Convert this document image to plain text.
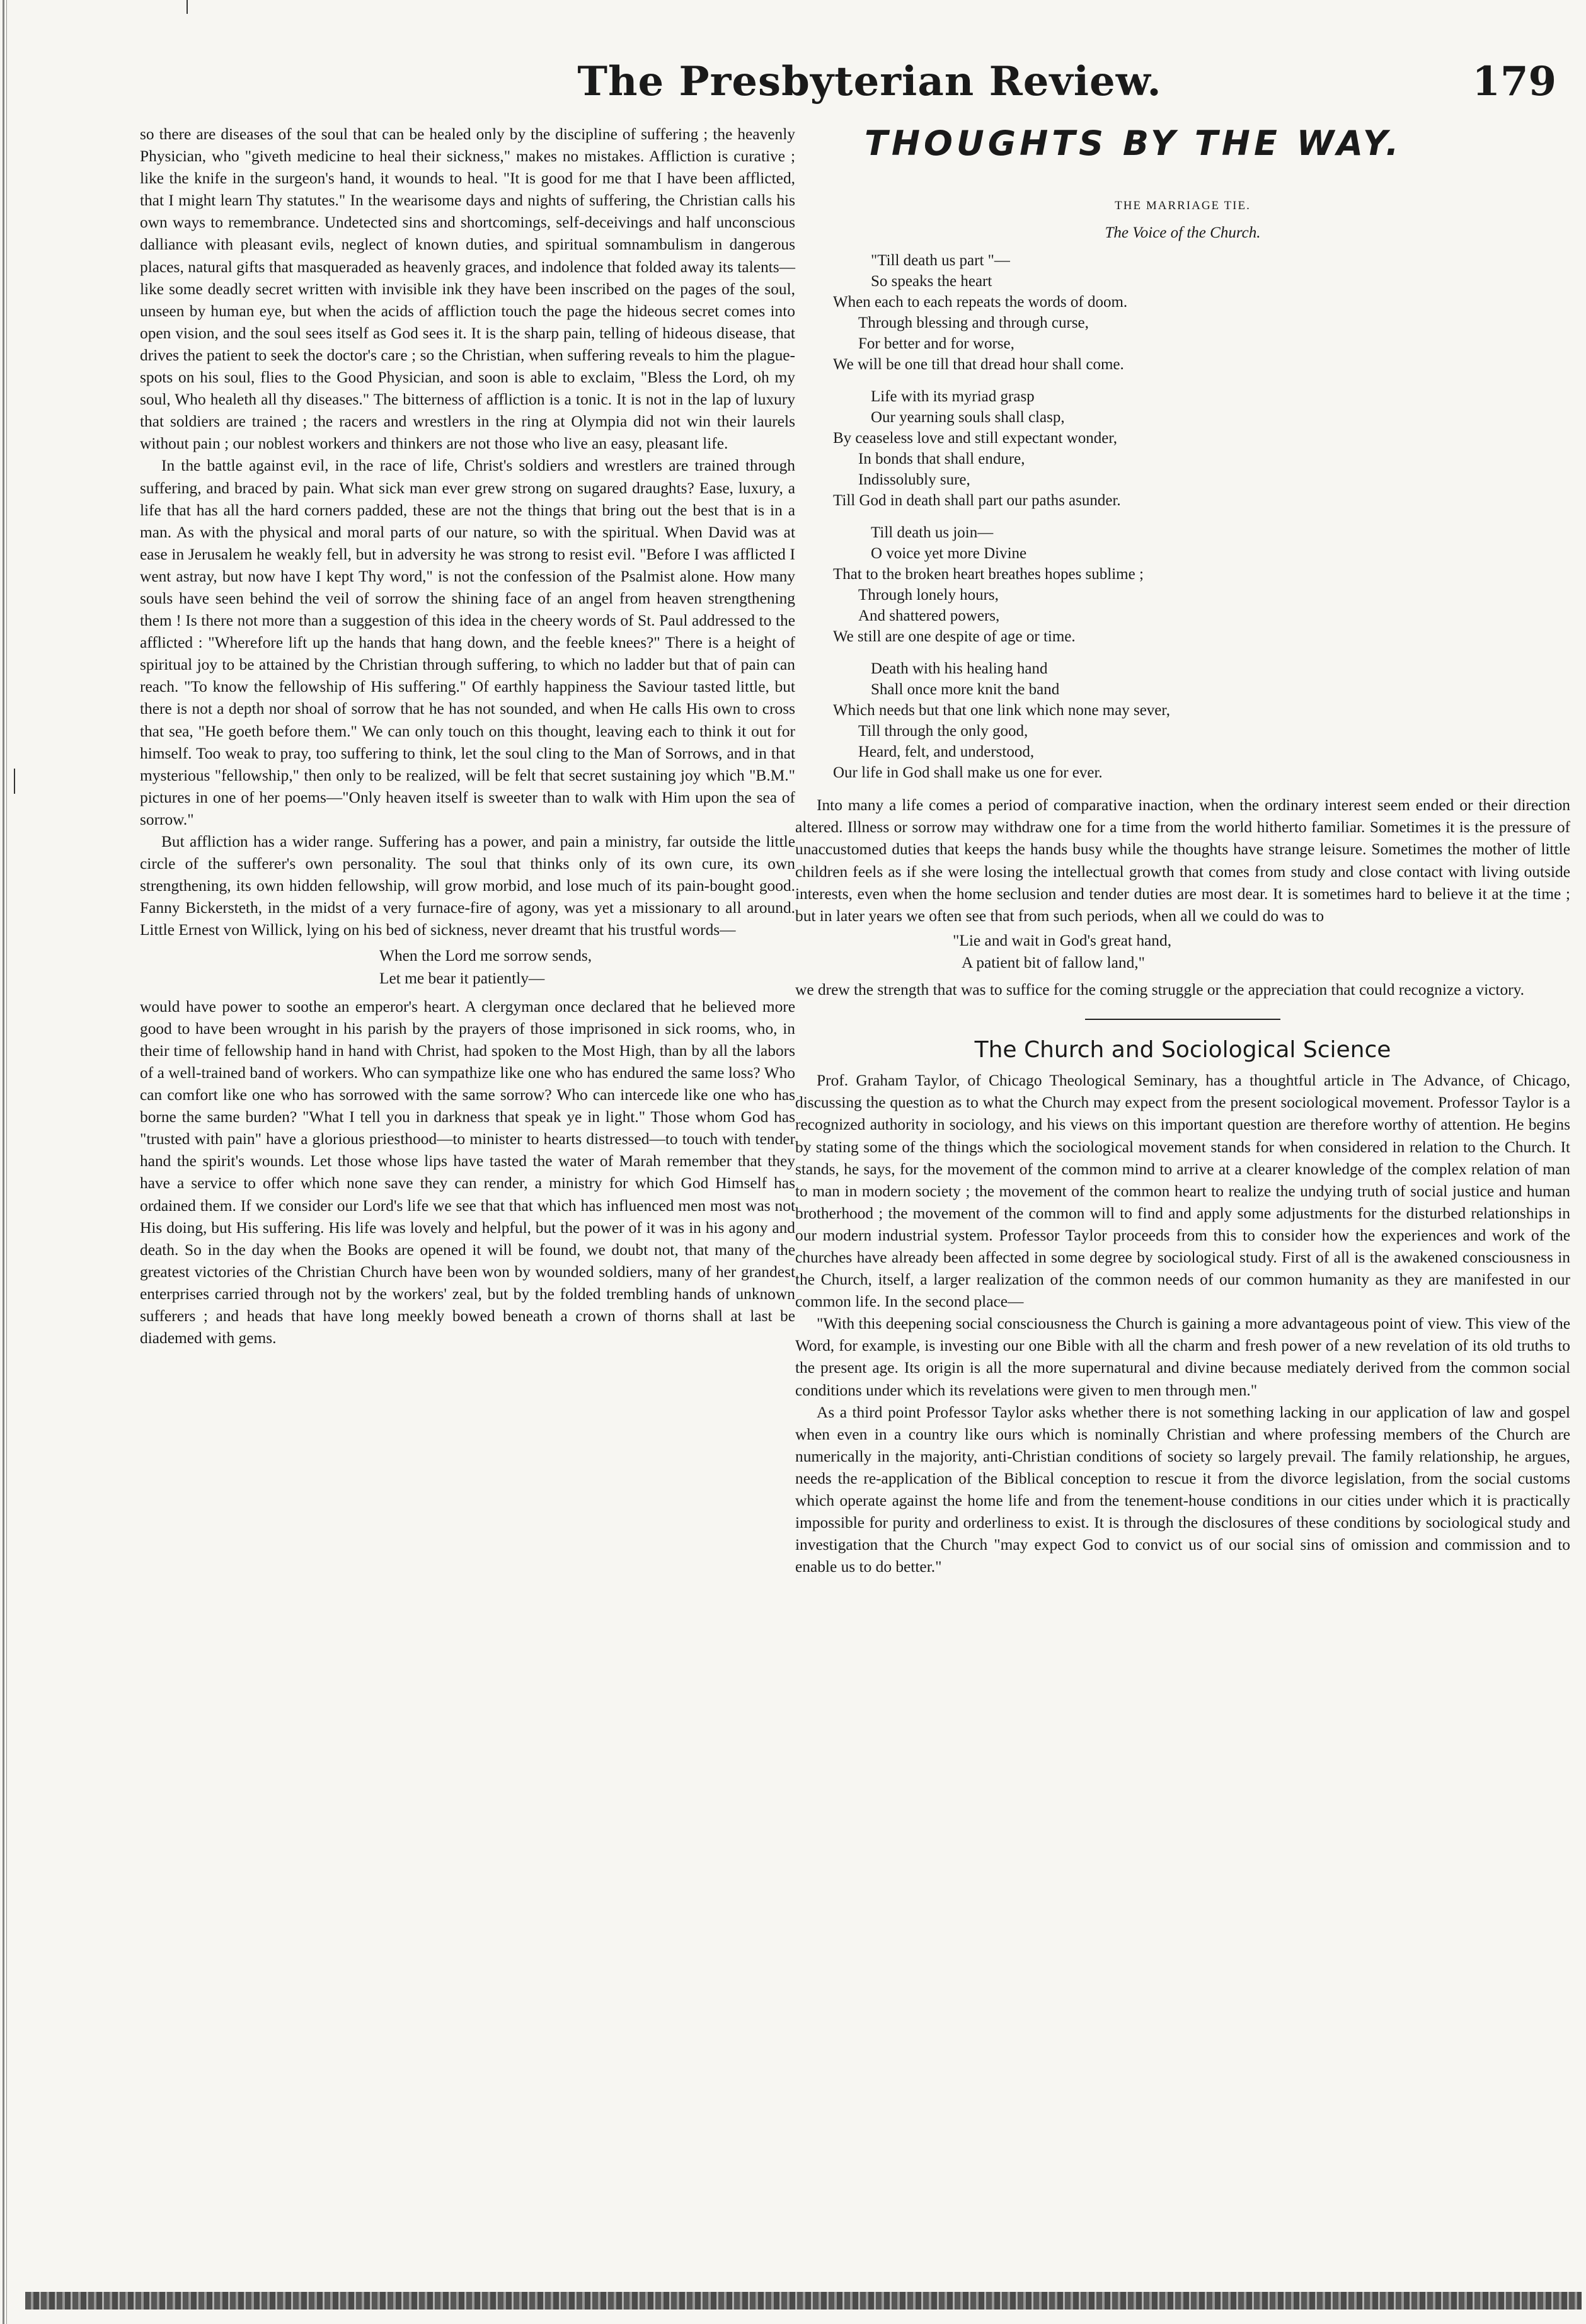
The Presbyterian Review.	179

so there are diseases of the soul that can be healed only by the discipline of suffering ; the heavenly Physician, who "giveth medicine to heal their sickness," makes no mistakes. Affliction is curative ; like the knife in the surgeon's hand, it wounds to heal. "It is good for me that I have been afflicted, that I might learn Thy statutes." In the wearisome days and nights of suffering, the Christian calls his own ways to remembrance. Undetected sins and shortcomings, self-deceivings and half unconscious dalliance with pleasant evils, neglect of known duties, and spiritual somnambulism in dangerous places, natural gifts that masqueraded as heavenly graces, and indolence that folded away its talents—like some deadly secret written with invisible ink they have been inscribed on the pages of the soul, unseen by human eye, but when the acids of affliction touch the page the hideous secret comes into open vision, and the soul sees itself as God sees it. It is the sharp pain, telling of hideous disease, that drives the patient to seek the doctor's care ; so the Christian, when suffering reveals to him the plague-spots on his soul, flies to the Good Physician, and soon is able to exclaim, "Bless the Lord, oh my soul, Who healeth all thy diseases." The bitterness of affliction is a tonic. It is not in the lap of luxury that soldiers are trained ; the racers and wrestlers in the ring at Olympia did not win their laurels without pain ; our noblest workers and thinkers are not those who live an easy, pleasant life.

In the battle against evil, in the race of life, Christ's soldiers and wrestlers are trained through suffering, and braced by pain. What sick man ever grew strong on sugared draughts? Ease, luxury, a life that has all the hard corners padded, these are not the things that bring out the best that is in a man. As with the physical and moral parts of our nature, so with the spiritual. When David was at ease in Jerusalem he weakly fell, but in adversity he was strong to resist evil. "Before I was afflicted I went astray, but now have I kept Thy word," is not the confession of the Psalmist alone. How many souls have seen behind the veil of sorrow the shining face of an angel from heaven strengthening them ! Is there not more than a suggestion of this idea in the cheery words of St. Paul addressed to the afflicted : "Wherefore lift up the hands that hang down, and the feeble knees?" There is a height of spiritual joy to be attained by the Christian through suffering, to which no ladder but that of pain can reach. "To know the fellowship of His suffering." Of earthly happiness the Saviour tasted little, but there is not a depth nor shoal of sorrow that he has not sounded, and when He calls His own to cross that sea, "He goeth before them." We can only touch on this thought, leaving each to think it out for himself. Too weak to pray, too suffering to think, let the soul cling to the Man of Sorrows, and in that mysterious "fellowship," then only to be realized, will be felt that secret sustaining joy which "B.M." pictures in one of her poems—"Only heaven itself is sweeter than to walk with Him upon the sea of sorrow."

But affliction has a wider range. Suffering has a power, and pain a ministry, far outside the little circle of the sufferer's own personality. The soul that thinks only of its own cure, its own strengthening, its own hidden fellowship, will grow morbid, and lose much of its pain-bought good. Fanny Bickersteth, in the midst of a very furnace-fire of agony, was yet a missionary to all around. Little Ernest von Willick, lying on his bed of sickness, never dreamt that his trustful words—

When the Lord me sorrow sends,
Let me bear it patiently—

would have power to soothe an emperor's heart. A clergyman once declared that he believed more good to have been wrought in his parish by the prayers of those imprisoned in sick rooms, who, in their time of fellowship hand in hand with Christ, had spoken to the Most High, than by all the labors of a well-trained band of workers. Who can sympathize like one who has endured the same loss? Who can comfort like one who has sorrowed with the same sorrow? Who can intercede like one who has borne the same burden? "What I tell you in darkness that speak ye in light." Those whom God has "trusted with pain" have a glorious priesthood—to minister to hearts distressed—to touch with tender hand the spirit's wounds. Let those whose lips have tasted the water of Marah remember that they have a service to offer which none save they can render, a ministry for which God Himself has ordained them. If we consider our Lord's life we see that that which has influenced men most was not His doing, but His suffering. His life was lovely and helpful, but the power of it was in his agony and death. So in the day when the Books are opened it will be found, we doubt not, that many of the greatest victories of the Christian Church have been won by wounded soldiers, many of her grandest enterprises carried through not by the workers' zeal, but by the folded trembling hands of unknown sufferers ; and heads that have long meekly bowed beneath a crown of thorns shall at last be diademed with gems.

THOUGHTS BY THE WAY.
THE MARRIAGE TIE.
The Voice of the Church.
"Till death us part "—
So speaks the heart
When each to each repeats the words of doom.
Through blessing and through curse,
For better and for worse,
We will be one till that dread hour shall come.
Life with its myriad grasp
Our yearning souls shall clasp,
By ceaseless love and still expectant wonder,
In bonds that shall endure,
Indissolubly sure,
Till God in death shall part our paths asunder.
Till death us join—
O voice yet more Divine
That to the broken heart breathes hopes sublime ;
Through lonely hours,
And shattered powers,
We still are one despite of age or time.
Death with his healing hand
Shall once more knit the band
Which needs but that one link which none may sever,
Till through the only good,
Heard, felt, and understood,
Our life in God shall make us one for ever.

Into many a life comes a period of comparative inaction, when the ordinary interest seem ended or their direction altered. Illness or sorrow may withdraw one for a time from the world hitherto familiar. Sometimes it is the pressure of unaccustomed duties that keeps the hands busy while the thoughts have strange leisure. Sometimes the mother of little children feels as if she were losing the intellectual growth that comes from study and close contact with living outside interests, even when the home seclusion and tender duties are most dear. It is sometimes hard to believe it at the time ; but in later years we often see that from such periods, when all we could do was to

"Lie and wait in God's great hand,
A patient bit of fallow land,"

we drew the strength that was to suffice for the coming struggle or the appreciation that could recognize a victory.

The Church and Sociological Science

Prof. Graham Taylor, of Chicago Theological Seminary, has a thoughtful article in The Advance, of Chicago, discussing the question as to what the Church may expect from the present sociological movement. Professor Taylor is a recognized authority in sociology, and his views on this important question are therefore worthy of attention. He begins by stating some of the things which the sociological movement stands for when considered in relation to the Church. It stands, he says, for the movement of the common mind to arrive at a clearer knowledge of the complex relation of man to man in modern society ; the movement of the common heart to realize the undying truth of social justice and human brotherhood ; the movement of the common will to find and apply some adjustments for the disturbed relationships in our modern industrial system. Professor Taylor proceeds from this to consider how the experiences and work of the churches have already been affected in some degree by sociological study. First of all is the awakened consciousness in the Church, itself, a larger realization of the common needs of our common humanity as they are manifested in our common life. In the second place—

"With this deepening social consciousness the Church is gaining a more advantageous point of view. This view of the Word, for example, is investing our one Bible with all the charm and fresh power of a new revelation of its old truths to the present age. Its origin is all the more supernatural and divine because mediately derived from the common social conditions under which its revelations were given to men through men."

As a third point Professor Taylor asks whether there is not something lacking in our application of law and gospel when even in a country like ours which is nominally Christian and where professing members of the Church are numerically in the majority, anti-Christian conditions of society so largely prevail. The family relationship, he argues, needs the re-application of the Biblical conception to rescue it from the divorce legislation, from the social customs which operate against the home life and from the tenement-house conditions in our cities under which it is practically impossible for purity and orderliness to exist. It is through the disclosures of these conditions by sociological study and investigation that the Church "may expect God to convict us of our social sins of omission and commission and to enable us to do better."
